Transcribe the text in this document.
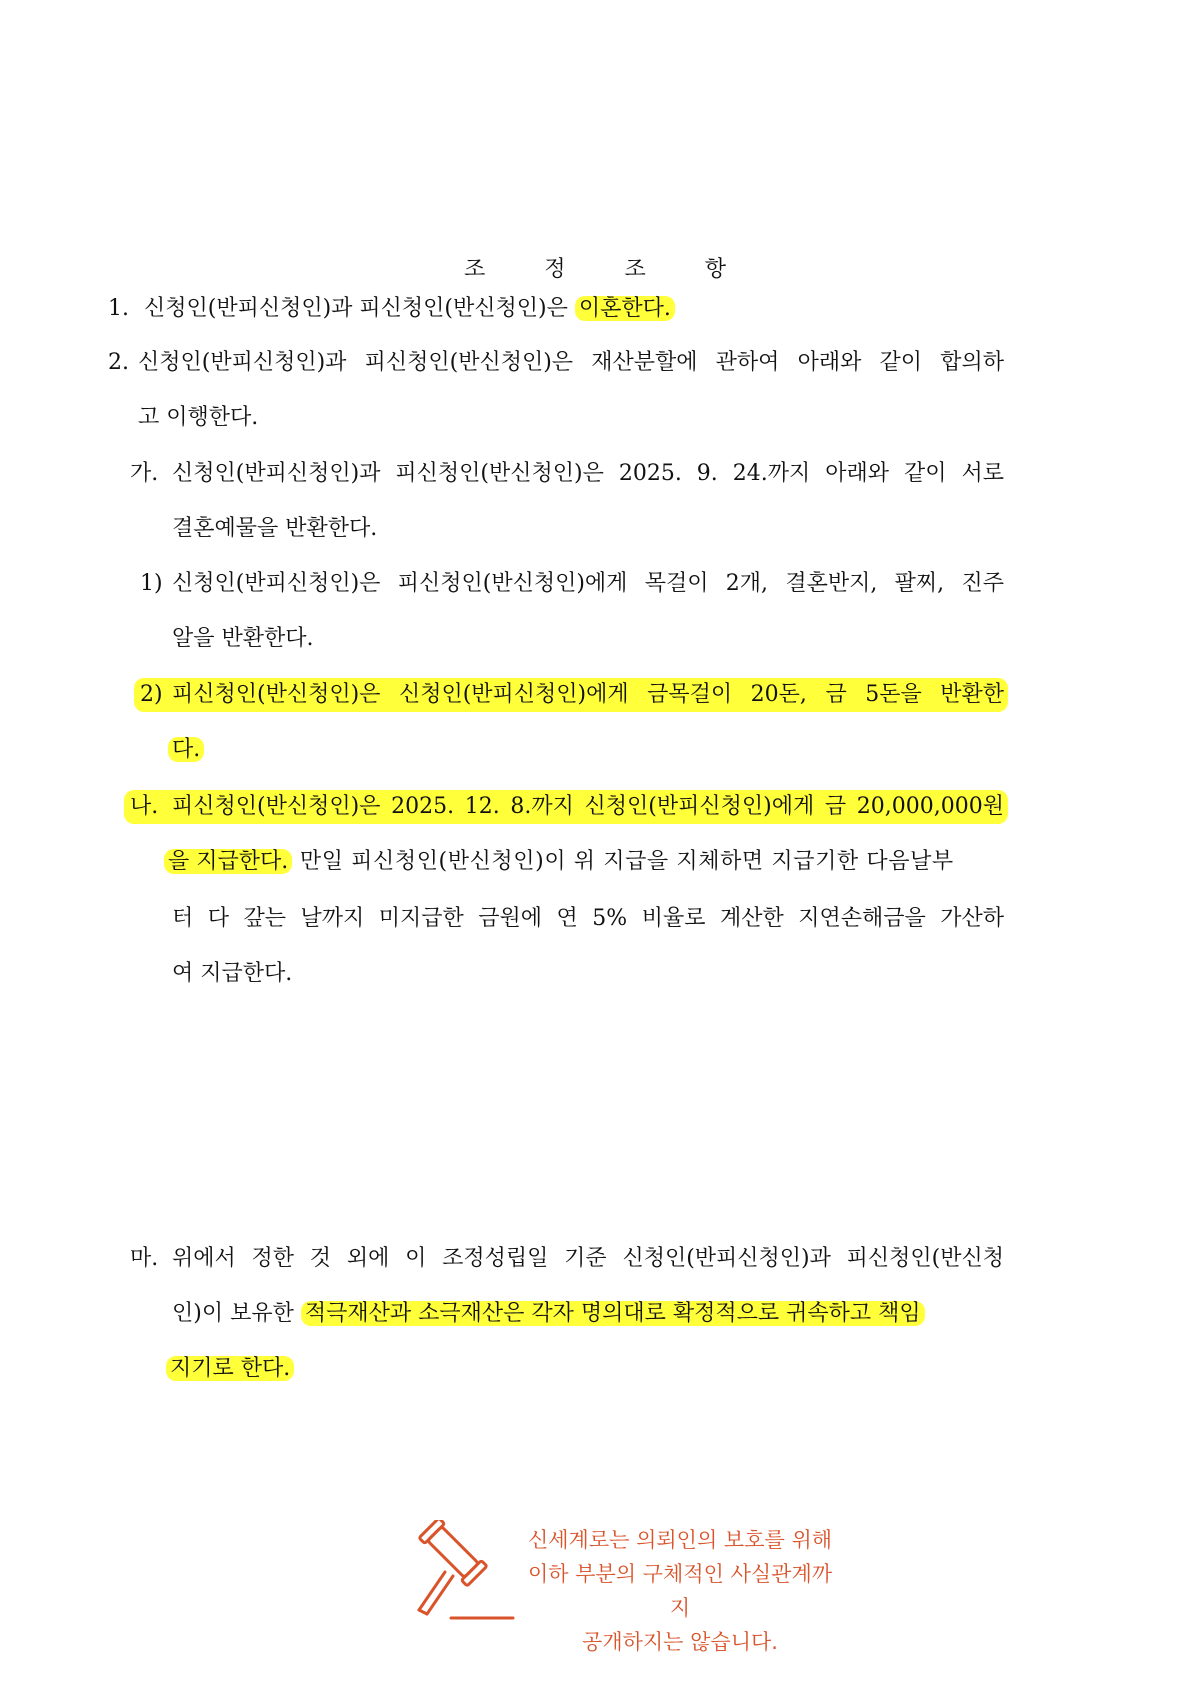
조 정 조 항
1. 신청인(반피신청인)과 피신청인(반신청인)은 이혼한다.
2. 신청인(반피신청인)과 피신청인(반신청인)은 재산분할에 관하여 아래와 같이 합의하
고 이행한다.
가. 신청인(반피신청인)과 피신청인(반신청인)은 2025. 9. 24.까지 아래와 같이 서로
결혼예물을 반환한다.
1) 신청인(반피신청인)은 피신청인(반신청인)에게 목걸이 2개, 결혼반지, 팔찌, 진주
알을 반환한다.
2) 피신청인(반신청인)은 신청인(반피신청인)에게 금목걸이 20돈, 금 5돈을 반환한
다.
나. 피신청인(반신청인)은 2025. 12. 8.까지 신청인(반피신청인)에게 금 20,000,000원
을 지급한다. 만일 피신청인(반신청인)이 위 지급을 지체하면 지급기한 다음날부
터 다 갚는 날까지 미지급한 금원에 연 5% 비율로 계산한 지연손해금을 가산하
여 지급한다.
마. 위에서 정한 것 외에 이 조정성립일 기준 신청인(반피신청인)과 피신청인(반신청
인)이 보유한 적극재산과 소극재산은 각자 명의대로 확정적으로 귀속하고 책임
지기로 한다.
신세계로는 의뢰인의 보호를 위해
이하 부분의 구체적인 사실관계까지
공개하지는 않습니다.
